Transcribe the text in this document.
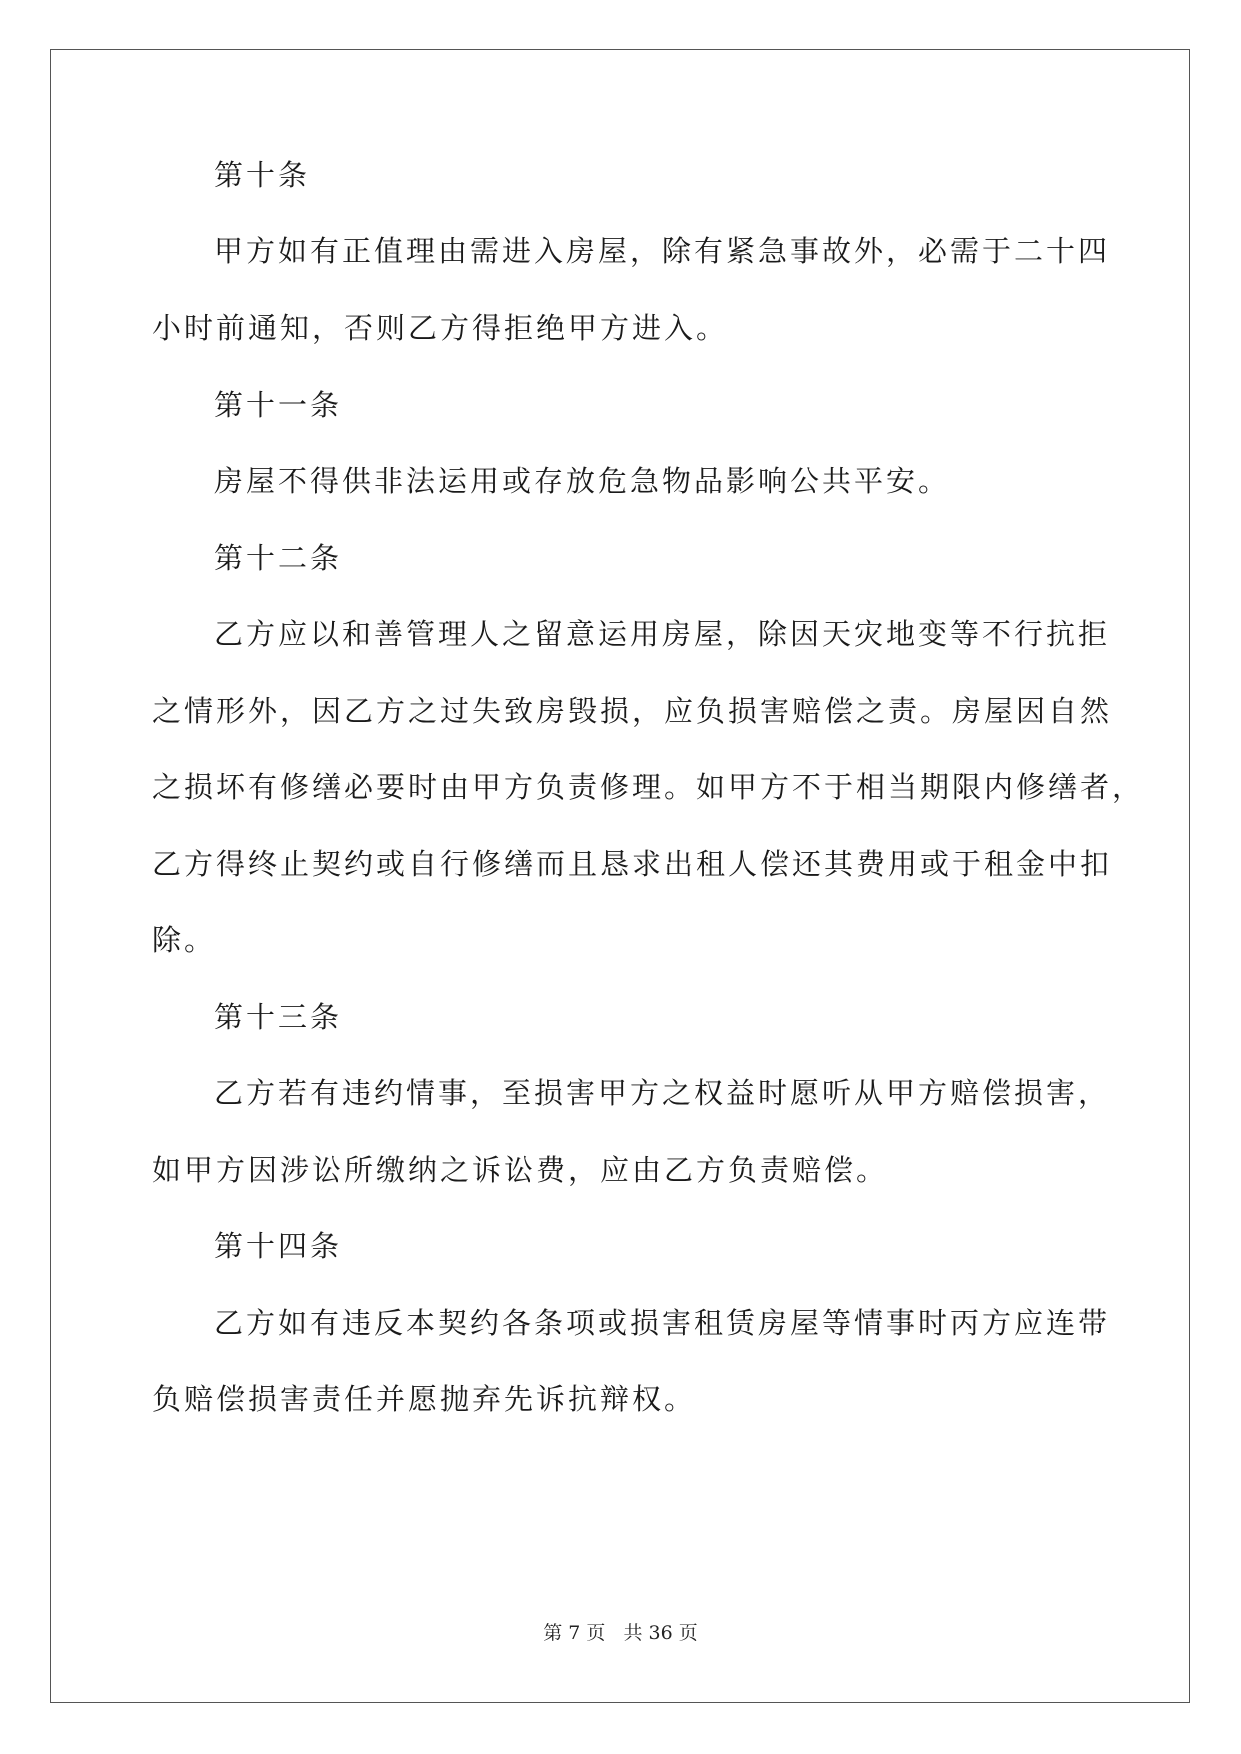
第十条
甲方如有正值理由需进入房屋，除有紧急事故外，必需于二十四
小时前通知，否则乙方得拒绝甲方进入。
第十一条
房屋不得供非法运用或存放危急物品影响公共平安。
第十二条
乙方应以和善管理人之留意运用房屋，除因天灾地变等不行抗拒
之情形外，因乙方之过失致房毁损，应负损害赔偿之责。房屋因自然
之损坏有修缮必要时由甲方负责修理。如甲方不于相当期限内修缮者，
乙方得终止契约或自行修缮而且恳求出租人偿还其费用或于租金中扣
除。
第十三条
乙方若有违约情事，至损害甲方之权益时愿听从甲方赔偿损害，
如甲方因涉讼所缴纳之诉讼费，应由乙方负责赔偿。
第十四条
乙方如有违反本契约各条项或损害租赁房屋等情事时丙方应连带
负赔偿损害责任并愿抛弃先诉抗辩权。
第 7 页 共 36 页
